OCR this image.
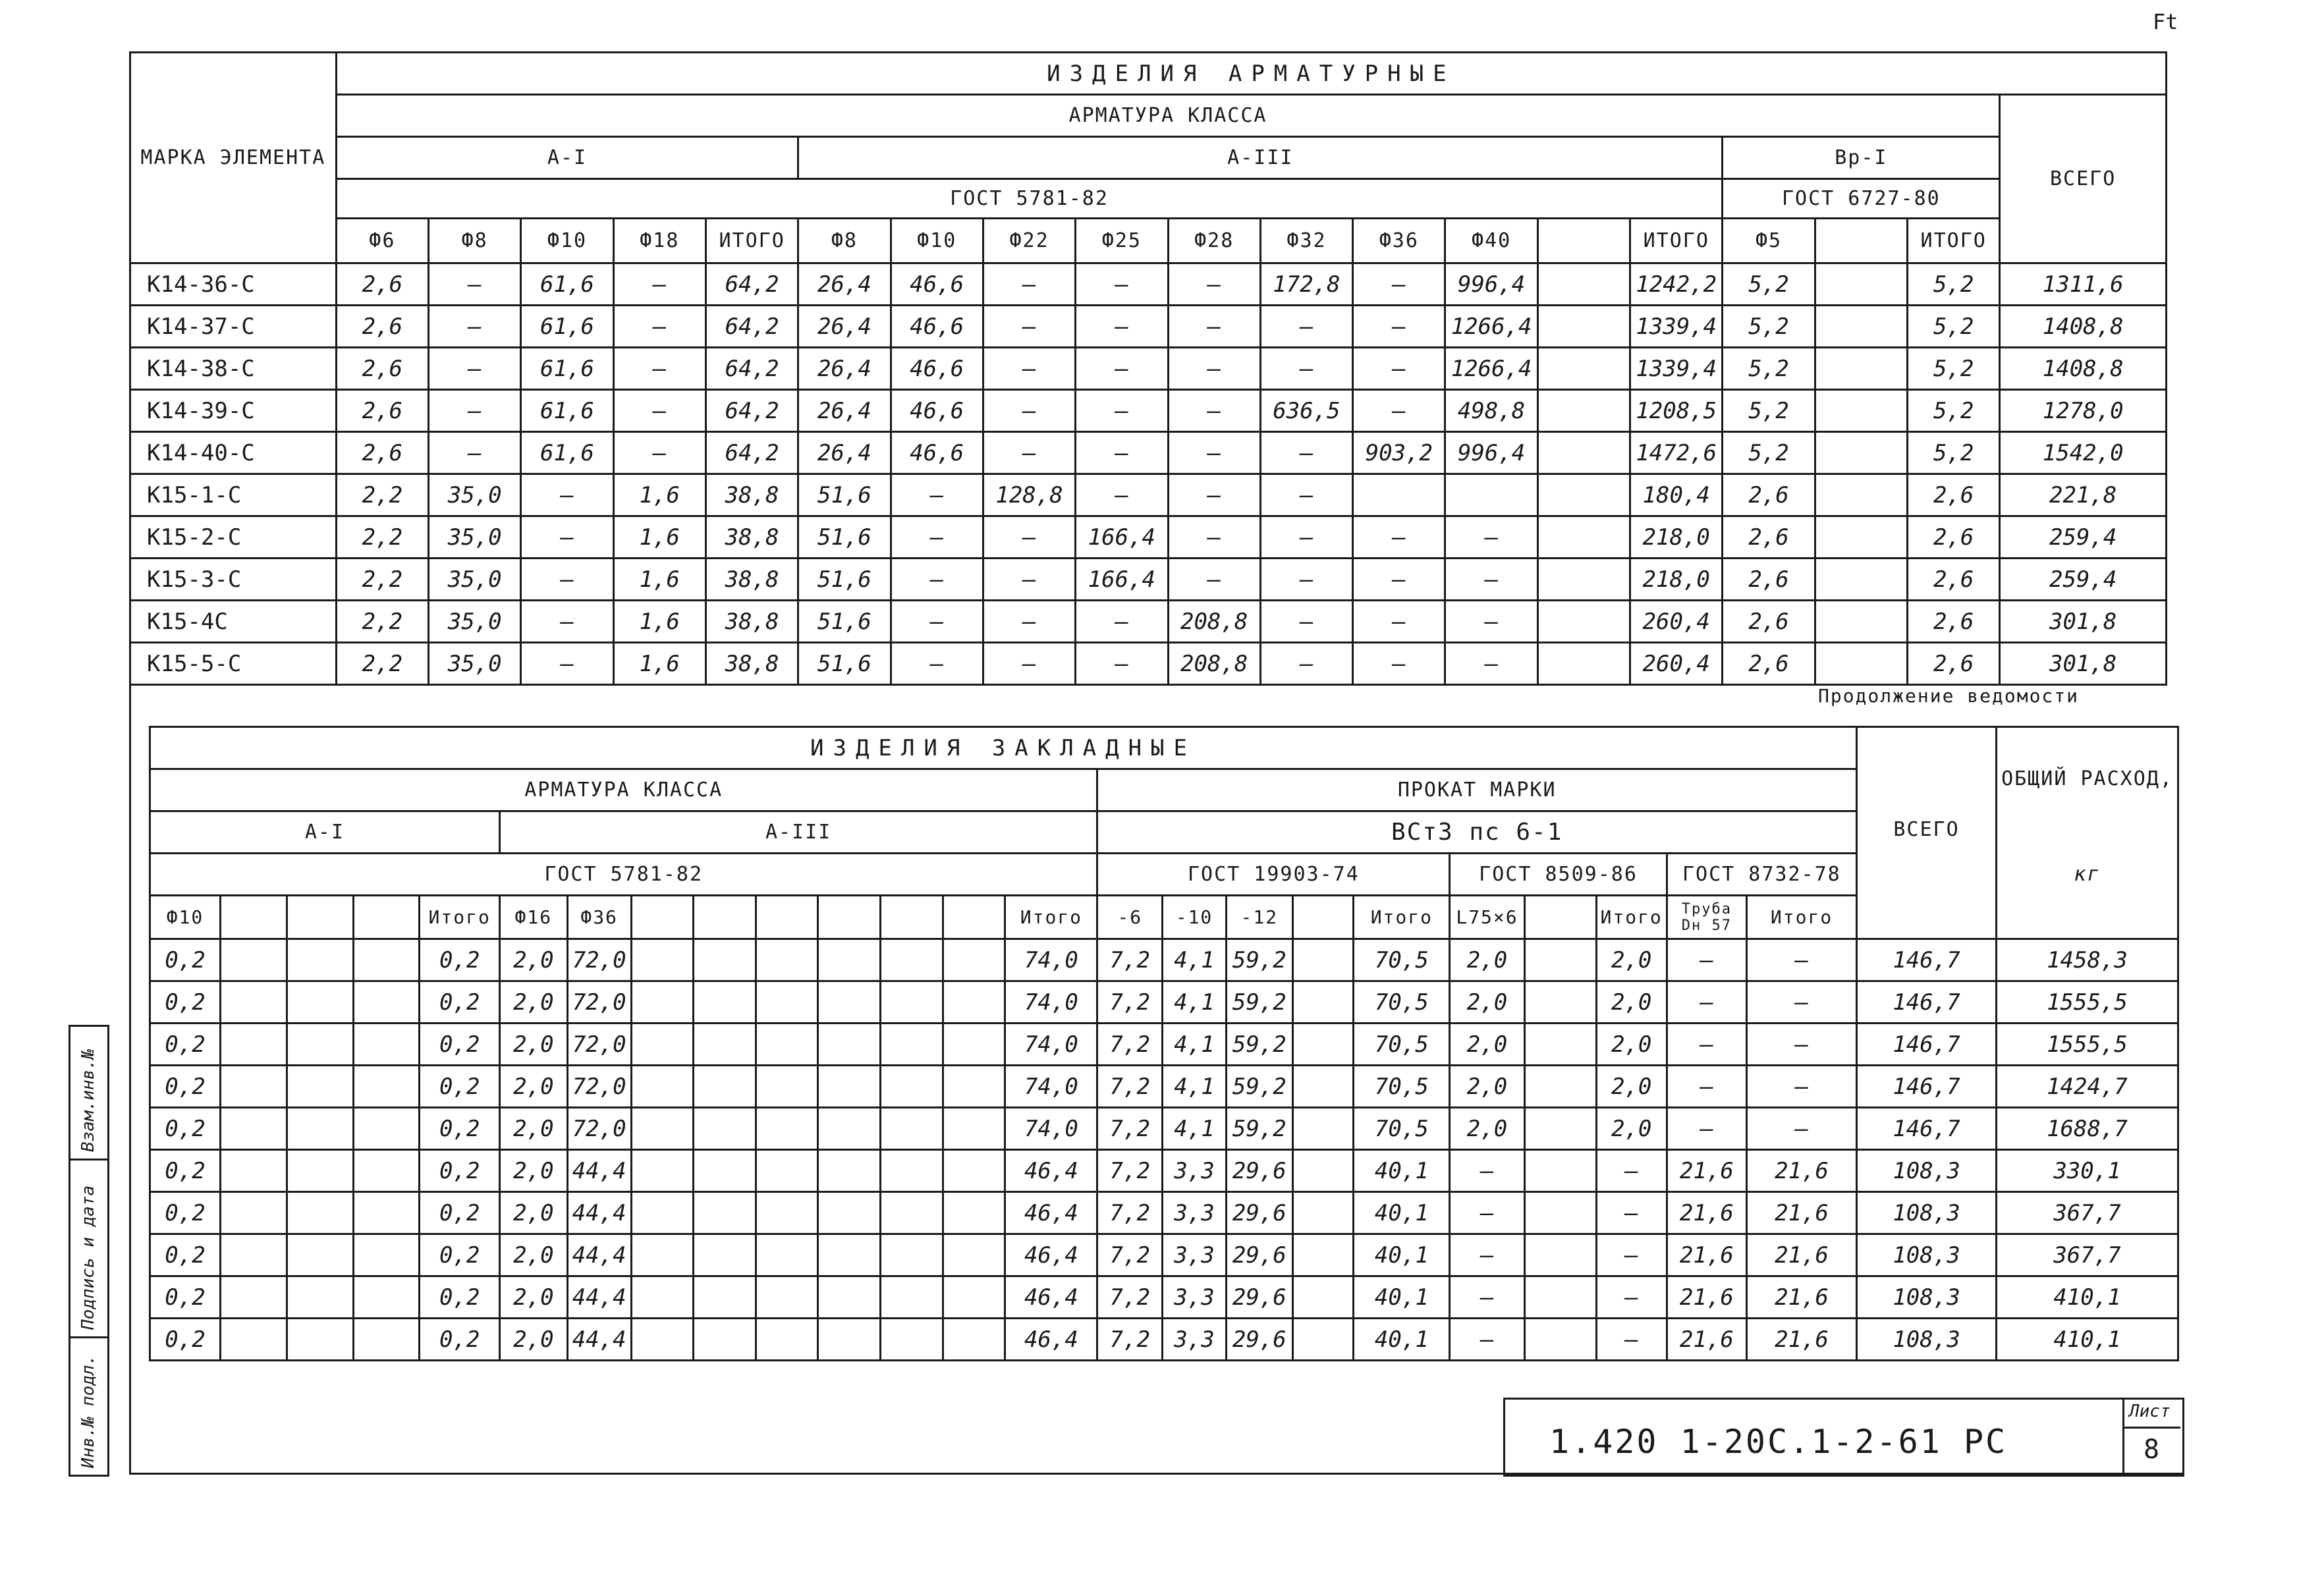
Ft
МАРКА ЭЛЕМЕНТА	ИЗДЕЛИЯ АРМАТУРНЫЕ																		
	АРМАТУРА КЛАССА																		ВСЕГО
	А-I					А-III										Вр-I			
	ГОСТ 5781-82															ГОСТ 6727-80			
	Ф6	Ф8	Ф10	Ф18	ИТОГО	Ф8	Ф10	Ф22	Ф25	Ф28	Ф32	Ф36	Ф40		ИТОГО	Ф5		ИТОГО	
К14-36-С	2,6	—	61,6	—	64,2	26,4	46,6	—	—	—	172,8	—	996,4		1242,2	5,2		5,2	1311,6
К14-37-С	2,6	—	61,6	—	64,2	26,4	46,6	—	—	—	—	—	1266,4		1339,4	5,2		5,2	1408,8
К14-38-С	2,6	—	61,6	—	64,2	26,4	46,6	—	—	—	—	—	1266,4		1339,4	5,2		5,2	1408,8
К14-39-С	2,6	—	61,6	—	64,2	26,4	46,6	—	—	—	636,5	—	498,8		1208,5	5,2		5,2	1278,0
К14-40-С	2,6	—	61,6	—	64,2	26,4	46,6	—	—	—	—	903,2	996,4		1472,6	5,2		5,2	1542,0
К15-1-С	2,2	35,0	—	1,6	38,8	51,6	—	128,8	—	—	—				180,4	2,6		2,6	221,8
К15-2-С	2,2	35,0	—	1,6	38,8	51,6	—	—	166,4	—	—	—	—		218,0	2,6		2,6	259,4
К15-3-С	2,2	35,0	—	1,6	38,8	51,6	—	—	166,4	—	—	—	—		218,0	2,6		2,6	259,4
К15-4С	2,2	35,0	—	1,6	38,8	51,6	—	—	—	208,8	—	—	—		260,4	2,6		2,6	301,8
К15-5-С	2,2	35,0	—	1,6	38,8	51,6	—	—	—	208,8	—	—	—		260,4	2,6		2,6	301,8
Продолжение ведомости
ИЗДЕЛИЯ ЗАКЛАДНЫЕ																									ОБЩИЙ РАСХОД,
кг

АРМАТУРА КЛАССА														ПРОКАТ МАРКИ											
А-I					А-III									ВСт3 пс 6-1										ВСЕГО	
ГОСТ 5781-82														ГОСТ 19903-74					ГОСТ 8509-86			ГОСТ 8732-78			
Ф10				Итого	Ф16	Ф36							Итого	-6	-10	-12		Итого	L75×6		Итого	Труба Dн 57	Итого		
0,2				0,2	2,0	72,0							74,0	7,2	4,1	59,2		70,5	2,0		2,0	—	—	146,7	1458,3
0,2				0,2	2,0	72,0							74,0	7,2	4,1	59,2		70,5	2,0		2,0	—	—	146,7	1555,5
0,2				0,2	2,0	72,0							74,0	7,2	4,1	59,2		70,5	2,0		2,0	—	—	146,7	1555,5
0,2				0,2	2,0	72,0							74,0	7,2	4,1	59,2		70,5	2,0		2,0	—	—	146,7	1424,7
0,2				0,2	2,0	72,0							74,0	7,2	4,1	59,2		70,5	2,0		2,0	—	—	146,7	1688,7
0,2				0,2	2,0	44,4							46,4	7,2	3,3	29,6		40,1	—		—	21,6	21,6	108,3	330,1
0,2				0,2	2,0	44,4							46,4	7,2	3,3	29,6		40,1	—		—	21,6	21,6	108,3	367,7
0,2				0,2	2,0	44,4							46,4	7,2	3,3	29,6		40,1	—		—	21,6	21,6	108,3	367,7
0,2				0,2	2,0	44,4							46,4	7,2	3,3	29,6		40,1	—		—	21,6	21,6	108,3	410,1
0,2				0,2	2,0	44,4							46,4	7,2	3,3	29,6		40,1	—		—	21,6	21,6	108,3	410,1
1.420 1-20С.1-2-61 РС
Лист
8
Взам.инв.№
Подпись и дата
Инв.№ подл.
